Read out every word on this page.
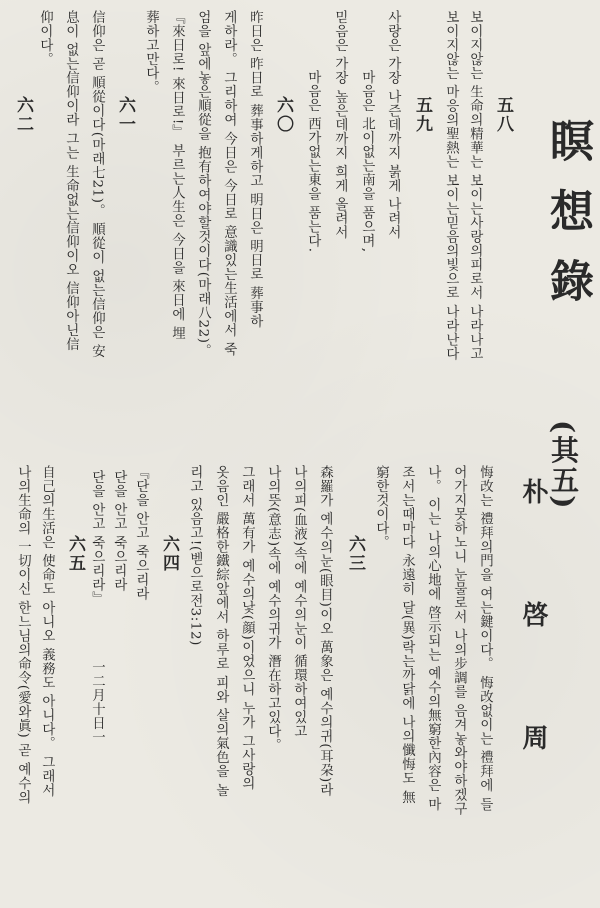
朴 啓 周
瞑想錄
(其五)
五八
보이지않는 生命의精華는 보이는사랑의피로서 나라나고
보이지않는 마응의聖熱는 보이는믿음의빛으로 나라난다
五九
사랑은 가장 나즌데까지 붉게 나려서
마음은 北이없는南을 품으며,
믿음은 가장 높은데까지 희게 올려서
마음은 西가없는東을 품는다.
六〇
昨日은 昨日로 葬事하게하고 明日은 明日로 葬事하
게하라。 그리하여 今日은 今日로 意識있는生活에서 죽
엄을 앞에놓은順從을 抱有하여야할것이다(마래八22)。
『來日로! 來日로!』 부르는人生은 今日을 來日에 埋
葬하고만다。
六一
信仰은 곧 順從이다(마래七21)。 順從이 없는信仰은 安
息이 없는信仰이라 그는 生命없는信仰이오 信仰아닌信
仰이다。
六二
悔改는 禮拜의門을 여는鍵이다。 悔改없이는 禮拜에 들
어가지못하노니 눈물로서 나의步調를 음겨놓와야하겠구
나。 이는 나의心地에 啓示되는 예수의無窮한內容은 마
조서는때마다 永遠히 달(異)락는까닭에 나의懺悔도 無
窮한것이다。
六三
森羅가 예수의눈(眼目)이오 萬象은 예수의귀(耳朶)라
나의피(血液)속에 예수의눈이 循環하여있고
나의뜻(意志)속에 예수의귀가 潛在하고있다。
그래서 萬有가 예수의낯(顔)이었으니 누가 그사랑의
옷음인 嚴格한鐵綜앞에서 하루로 피와 살의氣色을 놀
리고 있음고!(벧으로전3:12)
六四
『단을 안고 죽으리라
단을 안고 죽으리라
단을 안고 죽으리라』
一二月十日一
六五
自己의生活은 使命도 아니오 義務도 아니다。 그래서
나의生命의 一切이신 한느님의命令(愛와眞) 곧 예수의
